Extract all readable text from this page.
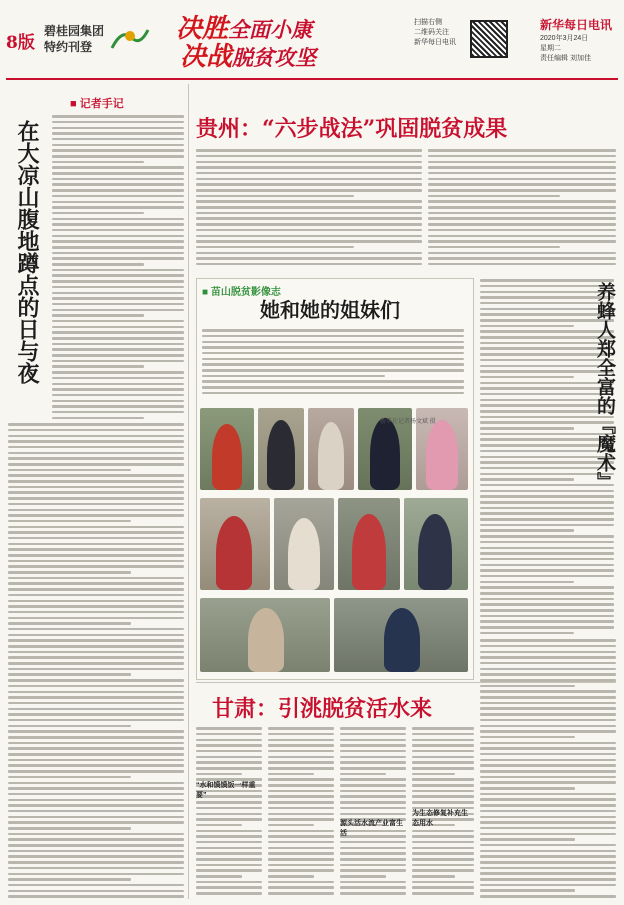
8版
碧桂园集团
特约刊登
决胜全面小康
决战脱贫攻坚
扫描右侧
二维码关注
新华每日电讯
新华每日电讯
2020年3月24日
星期二
责任编辑 刘加佳
■ 记者手记
在大凉山腹地蹲点的日与夜	贵州：“六步战法”巩固脱贫成果
■ 苗山脱贫影像志
她和她的姐妹们
新华社记者杨文斌 摄	养蜂人郑全富的『魔术』
甘肃：引洮脱贫活水来
“水和馍馍饭一样重要”
源头活水流产业富生活
为生态修复补充生态用水
